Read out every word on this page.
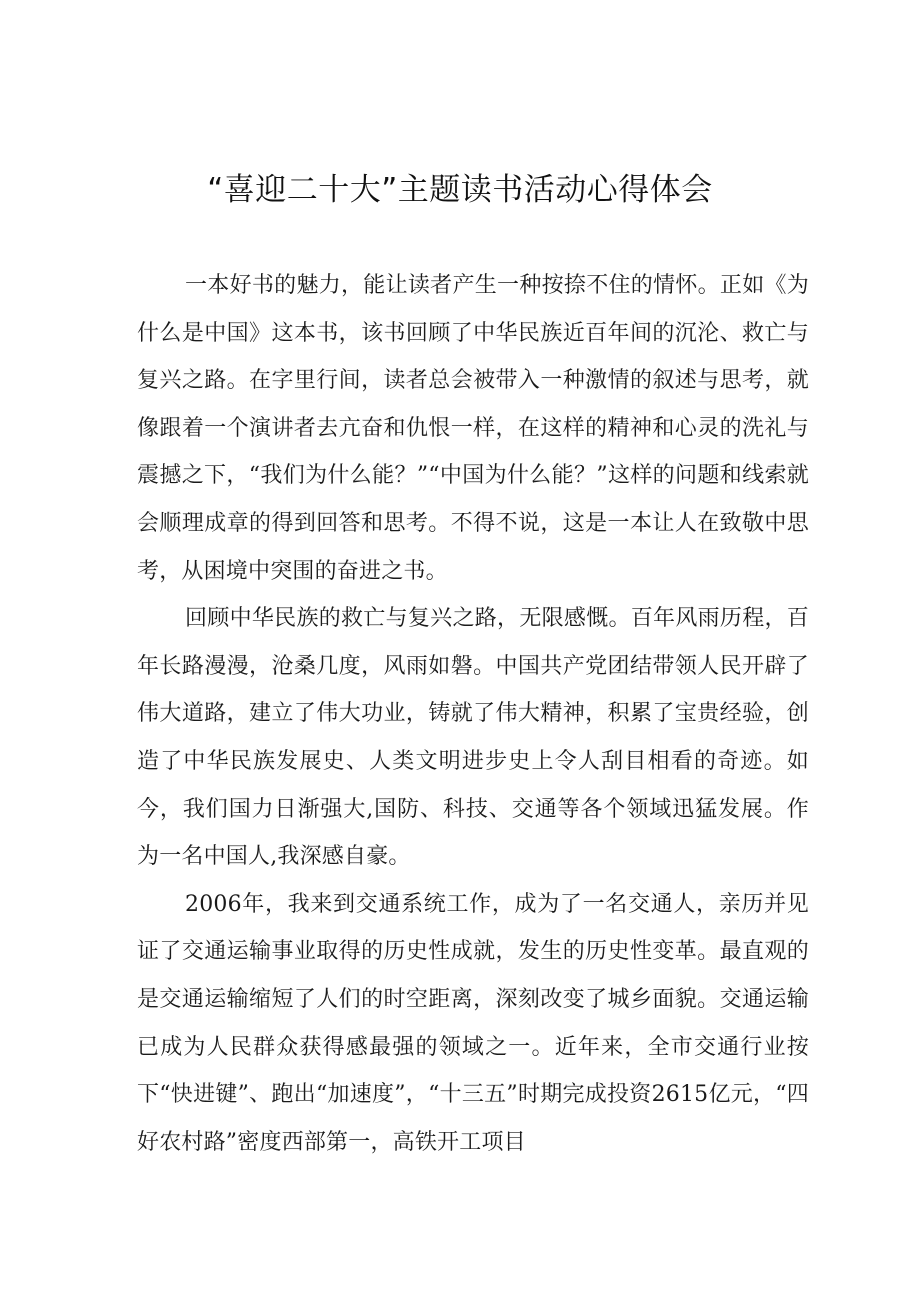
“喜迎二十大”主题读书活动心得体会

一本好书的魅力，能让读者产生一种按捺不住的情怀。正如《为什么是中国》这本书，该书回顾了中华民族近百年间的沉沦、救亡与复兴之路。在字里行间，读者总会被带入一种激情的叙述与思考，就像跟着一个演讲者去亢奋和仇恨一样，在这样的精神和心灵的洗礼与震撼之下，“我们为什么能？”“中国为什么能？”这样的问题和线索就会顺理成章的得到回答和思考。不得不说，这是一本让人在致敬中思考，从困境中突围的奋进之书。

回顾中华民族的救亡与复兴之路，无限感慨。百年风雨历程，百年长路漫漫，沧桑几度，风雨如磐。中国共产党团结带领人民开辟了伟大道路，建立了伟大功业，铸就了伟大精神，积累了宝贵经验，创造了中华民族发展史、人类文明进步史上令人刮目相看的奇迹。如今，我们国力日渐强大,国防、科技、交通等各个领域迅猛发展。作为一名中国人,我深感自豪。

2006年，我来到交通系统工作，成为了一名交通人，亲历并见证了交通运输事业取得的历史性成就，发生的历史性变革。最直观的是交通运输缩短了人们的时空距离，深刻改变了城乡面貌。交通运输已成为人民群众获得感最强的领域之一。近年来，全市交通行业按下“快进键”、跑出“加速度”，“十三五”时期完成投资2615亿元，“四好农村路”密度西部第一，高铁开工项目
